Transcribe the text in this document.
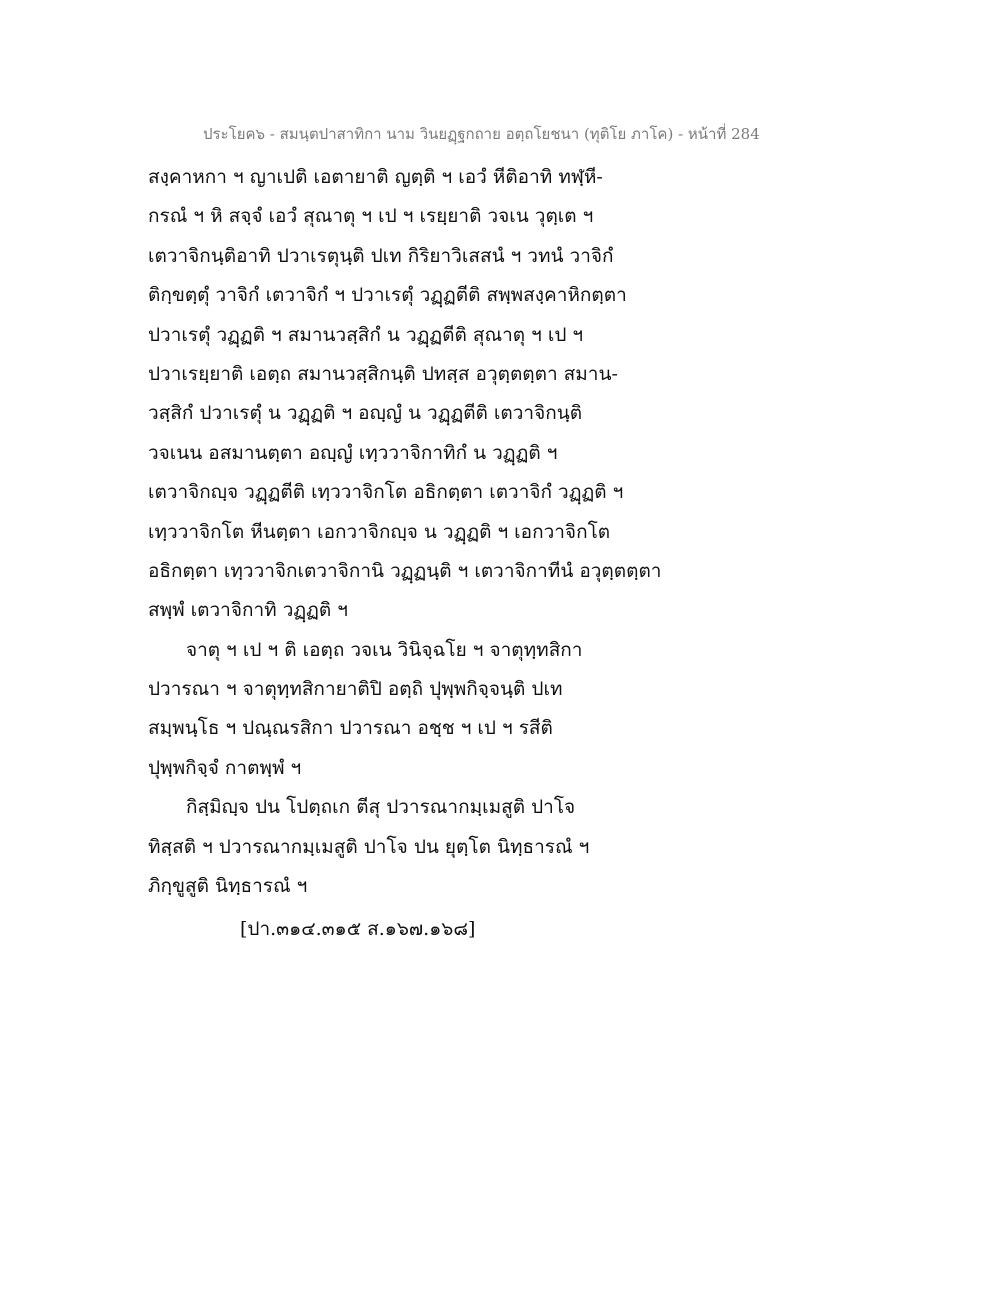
ประโยค๖ - สมนฺตปาสาทิกา นาม วินยฏฺฐกถาย อตฺถโยชนา (ทุติโย ภาโค) - หน้าที่ 284
สงฺคาหกา ฯ ญาเปติ เอตายาติ ญตฺติ ฯ เอวํ หีติอาทิ ทฬฺหี-
กรณํ ฯ หิ สจฺจํ เอวํ สุณาตุ ฯ เป ฯ เรยฺยาติ วจเน วุตฺเต ฯ
เตวาจิกนฺติอาทิ ปวาเรตุนฺติ ปเท กิริยาวิเสสนํ ฯ วทนํ วาจิกํ
ติกฺขตฺตุํ วาจิกํ เตวาจิกํ ฯ ปวาเรตุํ วฏฺฏตีติ สพฺพสงฺคาหิกตฺตา
ปวาเรตุํ วฏฺฏติ ฯ สมานวสฺสิกํ น วฏฺฏตีติ สุณาตุ ฯ เป ฯ
ปวาเรยฺยาติ เอตฺถ สมานวสฺสิกนฺติ ปทสฺส อวุตฺตตฺตา สมาน-
วสฺสิกํ ปวาเรตุํ น วฏฺฏติ ฯ อญฺญํ น วฏฺฏตีติ เตวาจิกนฺติ
วจเนน อสมานตฺตา อญฺญํ เทฺววาจิกาทิกํ น วฏฺฏติ ฯ
เตวาจิกญฺจ วฏฺฏตีติ เทฺววาจิกโต อธิกตฺตา เตวาจิกํ วฏฺฏติ ฯ
เทฺววาจิกโต หีนตฺตา เอกวาจิกญฺจ น วฏฺฏติ ฯ เอกวาจิกโต
อธิกตฺตา เทฺววาจิกเตวาจิกานิ วฏฺฏนฺติ ฯ เตวาจิกาทีนํ อวุตฺตตฺตา
สพฺพํ เตวาจิกาทิ วฏฺฏติ ฯ
จาตุ ฯ เป ฯ ติ เอตฺถ วจเน วินิจฺฉโย ฯ จาตุทฺทสิกา
ปวารณา ฯ จาตุทฺทสิกายาติปิ อตฺถิ ปุพฺพกิจฺจนฺติ ปเท
สมฺพนฺโธ ฯ ปณฺณรสิกา ปวารณา อชฺช ฯ เป ฯ รสีติ
ปุพฺพกิจฺจํ กาตพฺพํ ฯ
กิสฺมิญฺจ ปน โปตฺถเก ตีสุ ปวารณากมฺเมสูติ ปาโจ
ทิสฺสติ ฯ ปวารณากมฺเมสูติ ปาโจ ปน ยุตฺโต นิทฺธารณํ ฯ
ภิกฺขูสูติ นิทฺธารณํ ฯ
[ปา.๓๑๔.๓๑๕ ส.๑๖๗.๑๖๘]
